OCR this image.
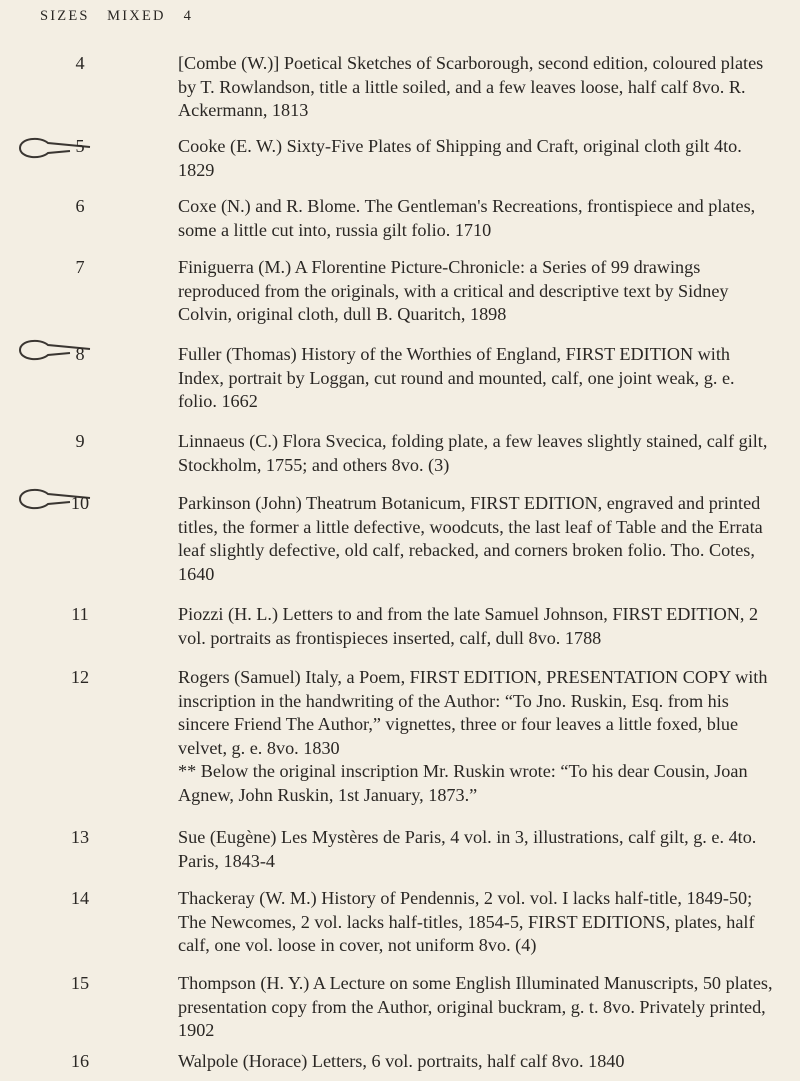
SIZES   MIXED 4
4	[Combe (W.)] Poetical Sketches of Scarborough, second edition, coloured plates by T. Rowlandson, title a little soiled, and a few leaves loose, half calf 8vo. R. Ackermann, 1813

5	Cooke (E. W.) Sixty-Five Plates of Shipping and Craft, original cloth gilt 4to. 1829

6	Coxe (N.) and R. Blome. The Gentleman's Recreations, frontispiece and plates, some a little cut into, russia gilt folio. 1710

7	Finiguerra (M.) A Florentine Picture-Chronicle: a Series of 99 drawings reproduced from the originals, with a critical and descriptive text by Sidney Colvin, original cloth, dull B. Quaritch, 1898

8	Fuller (Thomas) History of the Worthies of England, FIRST EDITION with Index, portrait by Loggan, cut round and mounted, calf, one joint weak, g. e. folio. 1662

9	Linnaeus (C.) Flora Svecica, folding plate, a few leaves slightly stained, calf gilt, Stockholm, 1755; and others 8vo. (3)

10	Parkinson (John) Theatrum Botanicum, FIRST EDITION, engraved and printed titles, the former a little defective, woodcuts, the last leaf of Table and the Errata leaf slightly defective, old calf, rebacked, and corners broken folio. Tho. Cotes, 1640

11	Piozzi (H. L.) Letters to and from the late Samuel Johnson, FIRST EDITION, 2 vol. portraits as frontispieces inserted, calf, dull 8vo. 1788

12	Rogers (Samuel) Italy, a Poem, FIRST EDITION, PRESENTATION COPY with inscription in the handwriting of the Author: “To Jno. Ruskin, Esq. from his sincere Friend The Author,” vignettes, three or four leaves a little foxed, blue velvet, g. e. 8vo. 1830

** Below the original inscription Mr. Ruskin wrote: “To his dear Cousin, Joan Agnew, John Ruskin, 1st January, 1873.”

13	Sue (Eugène) Les Mystères de Paris, 4 vol. in 3, illustrations, calf gilt, g. e. 4to. Paris, 1843-4

14	Thackeray (W. M.) History of Pendennis, 2 vol. vol. I lacks half-title, 1849-50; The Newcomes, 2 vol. lacks half-titles, 1854-5, FIRST EDITIONS, plates, half calf, one vol. loose in cover, not uniform 8vo. (4)

15	Thompson (H. Y.) A Lecture on some English Illuminated Manuscripts, 50 plates, presentation copy from the Author, original buckram, g. t. 8vo. Privately printed, 1902

16	Walpole (Horace) Letters, 6 vol. portraits, half calf 8vo. 1840
